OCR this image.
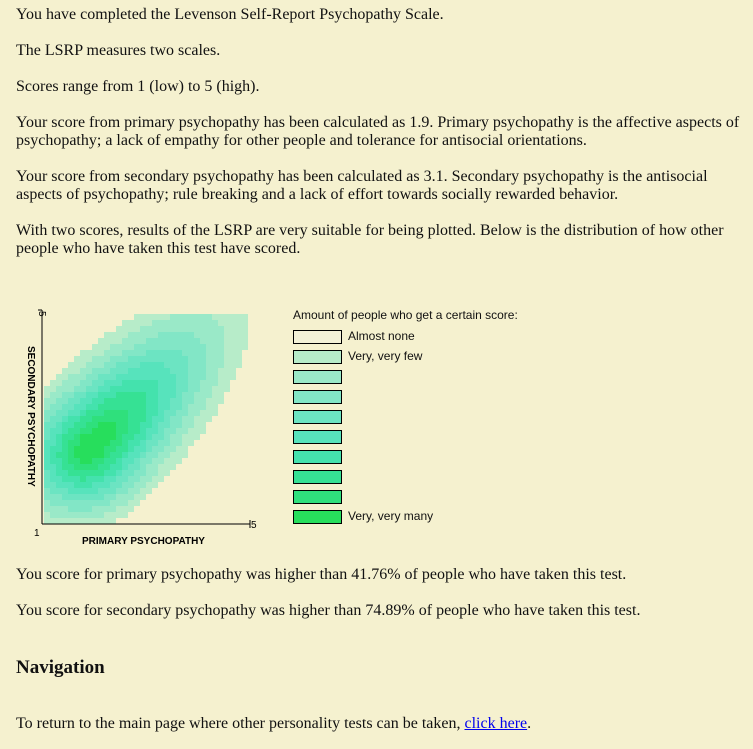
You have completed the Levenson Self-Report Psychopathy Scale.

The LSRP measures two scales.

Scores range from 1 (low) to 5 (high).

Your score from primary psychopathy has been calculated as 1.9. Primary psychopathy is the affective aspects of psychopathy; a lack of empathy for other people and tolerance for antisocial orientations.

Your score from secondary psychopathy has been calculated as 3.1. Secondary psychopathy is the antisocial aspects of psychopathy; rule breaking and a lack of effort towards socially rewarded behavior.

With two scores, results of the LSRP are very suitable for being plotted. Below is the distribution of how other people who have taken this test have scored.

5
1
5
SECONDARY PSYCHOPATHY
PRIMARY PSYCHOPATHY
Amount of people who get a certain score:
Almost none
Very, very few
Very, very many

You score for primary psychopathy was higher than 41.76% of people who have taken this test.

You score for secondary psychopathy was higher than 74.89% of people who have taken this test.

Navigation

To return to the main page where other personality tests can be taken, click here.
